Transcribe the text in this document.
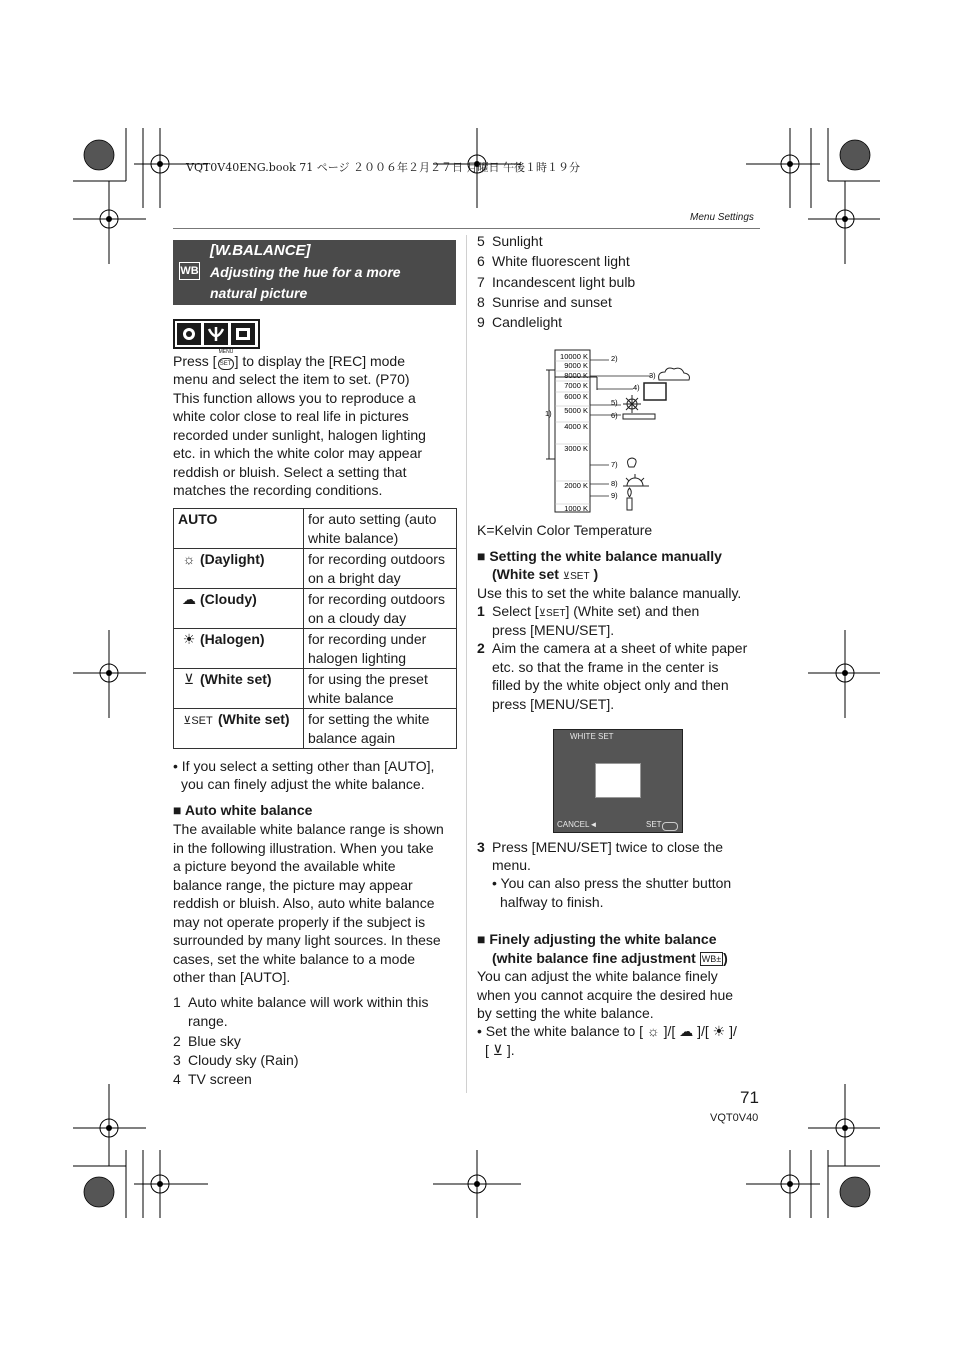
VQT0V40ENG.book 71 ページ ２００６年２月２７日 月曜日 午後１時１９分
Menu Settings
WB
[W.BALANCE]
Adjusting the hue for a more
natural picture
Press [
MENU
SET ] to display the [REC] mode
menu and select the item to set. (P70)
This function allows you to reproduce a
white color close to real life in pictures
recorded under sunlight, halogen lighting
etc. in which the white color may appear
reddish or bluish. Select a setting that
matches the recording conditions.
AUTO	for auto setting (auto
white balance)

☼ (Daylight)	for recording outdoors
on a bright day

☁ (Cloudy)	for recording outdoors
on a cloudy day

☀ (Halogen)	for recording under
halogen lighting

⊻ (White set)	for using the preset
white balance

⊻SET (White set)	for setting the white
balance again
• If you select a setting other than [AUTO],
you can finely adjust the white balance.
■ Auto white balance
The available white balance range is shown
in the following illustration. When you take
a picture beyond the available white
balance range, the picture may appear
reddish or bluish. Also, auto white balance
may not operate properly if the subject is
surrounded by many light sources. In these
cases, set the white balance to a mode
other than [AUTO].
1 Auto white balance will work within this
range.
2 Blue sky
3 Cloudy sky (Rain)
4 TV screen
5 Sunlight
6 White fluorescent light
7 Incandescent light bulb
8 Sunrise and sunset
9 Candlelight
10000 K
9000 K
8000 K
7000 K
6000 K
5000 K
4000 K
3000 K
2000 K
1000 K
1)
2)
3)
4)
5)
6)
7)
8)
9)
K=Kelvin Color Temperature
■ Setting the white balance manually
(White set ⊻SET )
Use this to set the white balance manually.
1 Select [⊻SET] (White set) and then
press [MENU/SET].
2 Aim the camera at a sheet of white paper
etc. so that the frame in the center is
filled by the white object only and then
press [MENU/SET].
WHITE SET
CANCEL◄	SET
3 Press [MENU/SET] twice to close the
menu.
• You can also press the shutter button
halfway to finish.
■ Finely adjusting the white balance
(white balance fine adjustment WB± )
You can adjust the white balance finely
when you cannot acquire the desired hue
by setting the white balance.
• Set the white balance to [ ☼ ]/[ ☁ ]/[ ☀ ]/
[ ⊻ ].
71
VQT0V40
